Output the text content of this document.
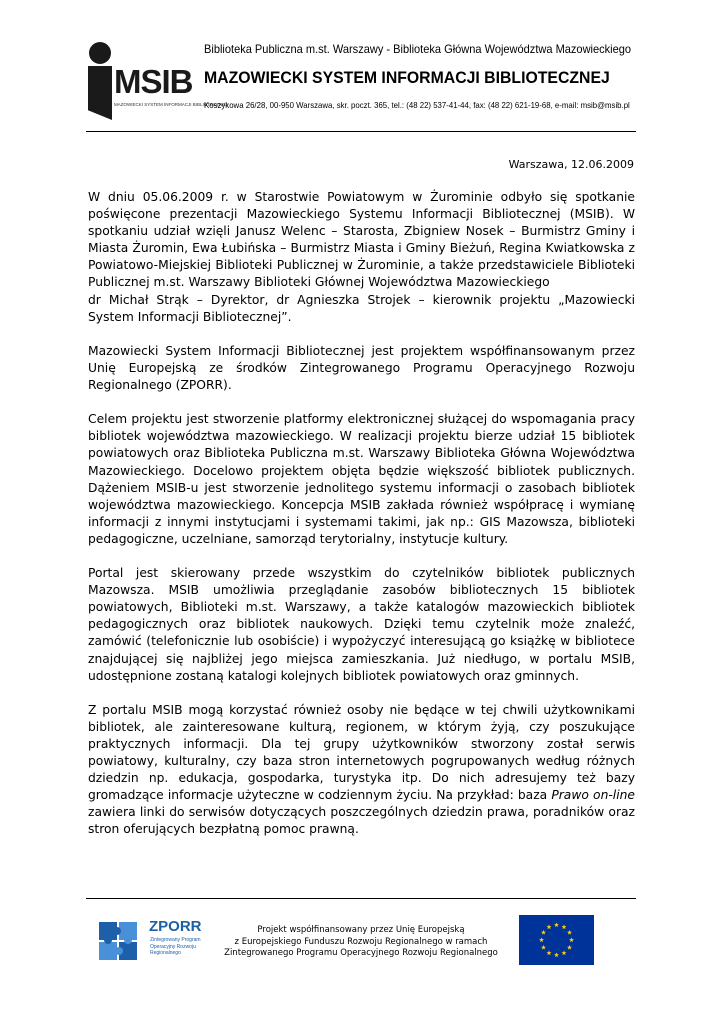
MSIB
MAZOWIECKI SYSTEM INFORMACJI BIBLIOTECZNEJ
Biblioteka Publiczna m.st. Warszawy - Biblioteka Główna Województwa Mazowieckiego
MAZOWIECKI SYSTEM INFORMACJI BIBLIOTECZNEJ
Koszykowa 26/28, 00-950 Warszawa, skr. poczt. 365, tel.: (48 22) 537-41-44, fax: (48 22) 621-19-68, e-mail: msib@msib.pl
Warszawa, 12.06.2009

W dniu 05.06.2009 r. w Starostwie Powiatowym w Żurominie odbyło się spotkanie poświęcone prezentacji Mazowieckiego Systemu Informacji Bibliotecznej (MSIB). W spotkaniu udział wzięli Janusz Welenc – Starosta, Zbigniew Nosek – Burmistrz Gminy i Miasta Żuromin, Ewa Łubińska – Burmistrz Miasta i Gminy Bieżuń, Regina Kwiatkowska z Powiatowo-Miejskiej Biblioteki Publicznej w Żurominie, a także przedstawiciele Biblioteki Publicznej m.st. Warszawy Biblioteki Głównej Województwa Mazowieckiego

dr Michał Strąk – Dyrektor, dr Agnieszka Strojek – kierownik projektu „Mazowiecki System Informacji Bibliotecznej”.

Mazowiecki System Informacji Bibliotecznej jest projektem współfinansowanym przez Unię Europejską ze środków Zintegrowanego Programu Operacyjnego Rozwoju Regionalnego (ZPORR).

Celem projektu jest stworzenie platformy elektronicznej służącej do wspomagania pracy bibliotek województwa mazowieckiego. W realizacji projektu bierze udział 15 bibliotek powiatowych oraz Biblioteka Publiczna m.st. Warszawy Biblioteka Główna Województwa Mazowieckiego. Docelowo projektem objęta będzie większość bibliotek publicznych. Dążeniem MSIB-u jest stworzenie jednolitego systemu informacji o zasobach bibliotek województwa mazowieckiego. Koncepcja MSIB zakłada również współpracę i wymianę informacji z innymi instytucjami i systemami takimi, jak np.: GIS Mazowsza, biblioteki pedagogiczne, uczelniane, samorząd terytorialny, instytucje kultury.

Portal jest skierowany przede wszystkim do czytelników bibliotek publicznych Mazowsza. MSIB umożliwia przeglądanie zasobów bibliotecznych 15 bibliotek powiatowych, Biblioteki m.st. Warszawy, a także katalogów mazowieckich bibliotek pedagogicznych oraz bibliotek naukowych. Dzięki temu czytelnik może znaleźć, zamówić (telefonicznie lub osobiście) i wypożyczyć interesującą go książkę w bibliotece znajdującej się najbliżej jego miejsca zamieszkania. Już niedługo, w portalu MSIB, udostępnione zostaną katalogi kolejnych bibliotek powiatowych oraz gminnych.

Z portalu MSIB mogą korzystać również osoby nie będące w tej chwili użytkownikami bibliotek, ale zainteresowane kulturą, regionem, w którym żyją, czy poszukujące praktycznych informacji. Dla tej grupy użytkowników stworzony został serwis powiatowy, kulturalny, czy baza stron internetowych pogrupowanych według różnych dziedzin np. edukacja, gospodarka, turystyka itp. Do nich adresujemy też bazy gromadzące informacje użyteczne w codziennym życiu. Na przykład: baza Prawo on-line zawiera linki do serwisów dotyczących poszczególnych dziedzin prawa, poradników oraz stron oferujących bezpłatną pomoc prawną.

ZPORR
Zintegrowany Program Operacyjny Rozwoju Regionalnego
Projekt współfinansowany przez Unię Europejską
z Europejskiego Funduszu Rozwoju Regionalnego w ramach
Zintegrowanego Programu Operacyjnego Rozwoju Regionalnego
